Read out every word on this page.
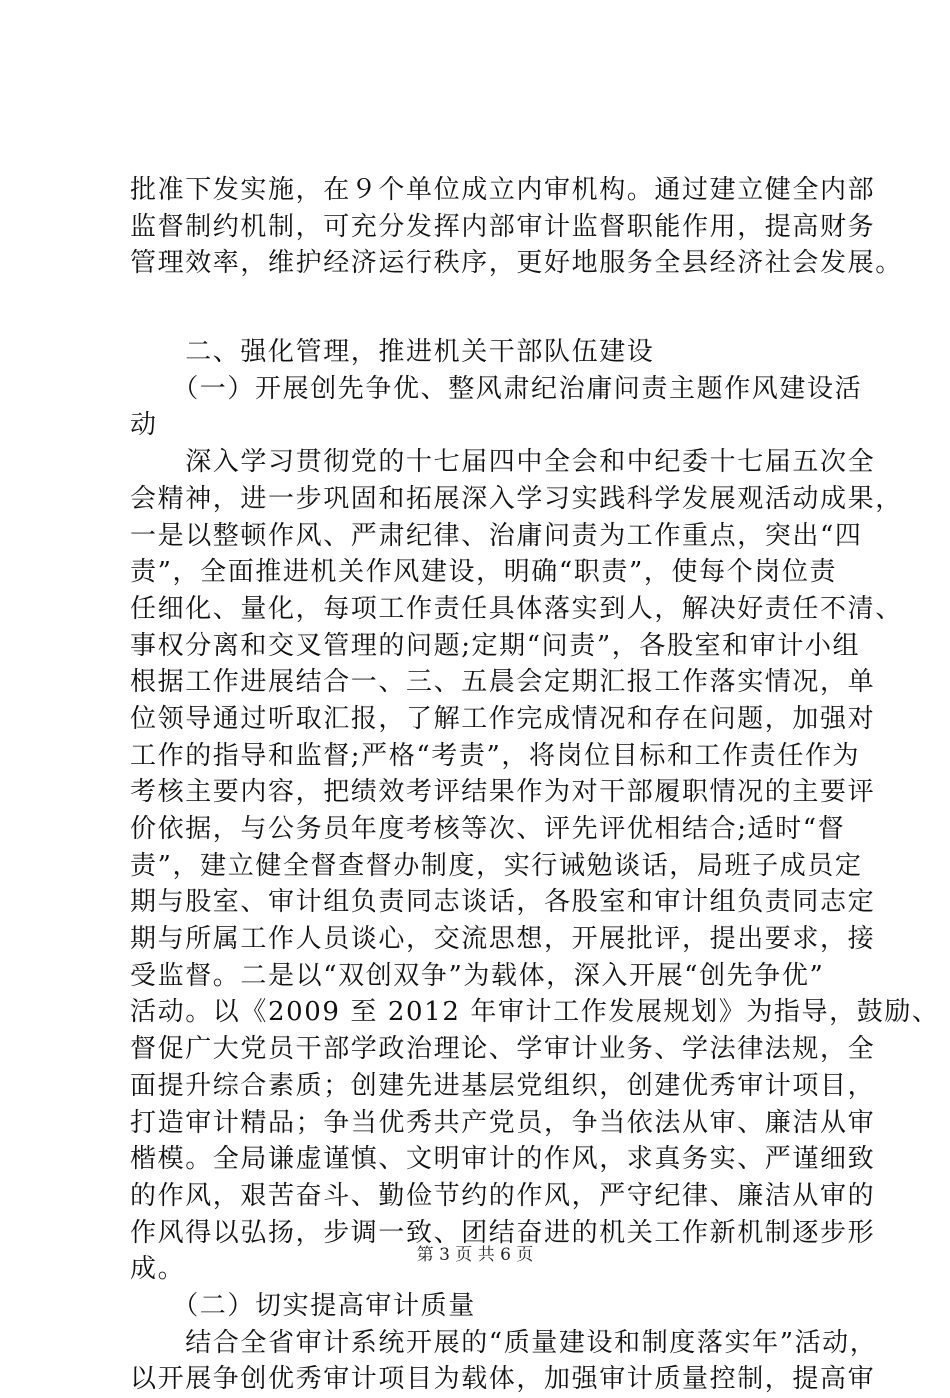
批准下发实施，在９个单位成立内审机构。通过建立健全内部
监督制约机制，可充分发挥内部审计监督职能作用，提高财务
管理效率，维护经济运行秩序，更好地服务全县经济社会发展。
　　二、强化管理，推进机关干部队伍建设
　　（一）开展创先争优、整风肃纪治庸问责主题作风建设活
动
　　深入学习贯彻党的十七届四中全会和中纪委十七届五次全
会精神，进一步巩固和拓展深入学习实践科学发展观活动成果，
一是以整顿作风、严肃纪律、治庸问责为工作重点，突出“四
责”，全面推进机关作风建设，明确“职责”，使每个岗位责
任细化、量化，每项工作责任具体落实到人，解决好责任不清、
事权分离和交叉管理的问题;定期“问责”，各股室和审计小组
根据工作进展结合一、三、五晨会定期汇报工作落实情况，单
位领导通过听取汇报，了解工作完成情况和存在问题，加强对
工作的指导和监督;严格“考责”，将岗位目标和工作责任作为
考核主要内容，把绩效考评结果作为对干部履职情况的主要评
价依据，与公务员年度考核等次、评先评优相结合;适时“督
责”，建立健全督查督办制度，实行诫勉谈话，局班子成员定
期与股室、审计组负责同志谈话，各股室和审计组负责同志定
期与所属工作人员谈心，交流思想，开展批评，提出要求，接
受监督。二是以“双创双争”为载体，深入开展“创先争优”
活动。以《2009 至 2012 年审计工作发展规划》为指导，鼓励、
督促广大党员干部学政治理论、学审计业务、学法律法规，全
面提升综合素质；创建先进基层党组织，创建优秀审计项目，
打造审计精品；争当优秀共产党员，争当依法从审、廉洁从审
楷模。全局谦虚谨慎、文明审计的作风，求真务实、严谨细致
的作风，艰苦奋斗、勤俭节约的作风，严守纪律、廉洁从审的
作风得以弘扬，步调一致、团结奋进的机关工作新机制逐步形
成。
　　（二）切实提高审计质量
　　结合全省审计系统开展的“质量建设和制度落实年”活动，
以开展争创优秀审计项目为载体，加强审计质量控制，提高审
第 3 页 共 6 页
